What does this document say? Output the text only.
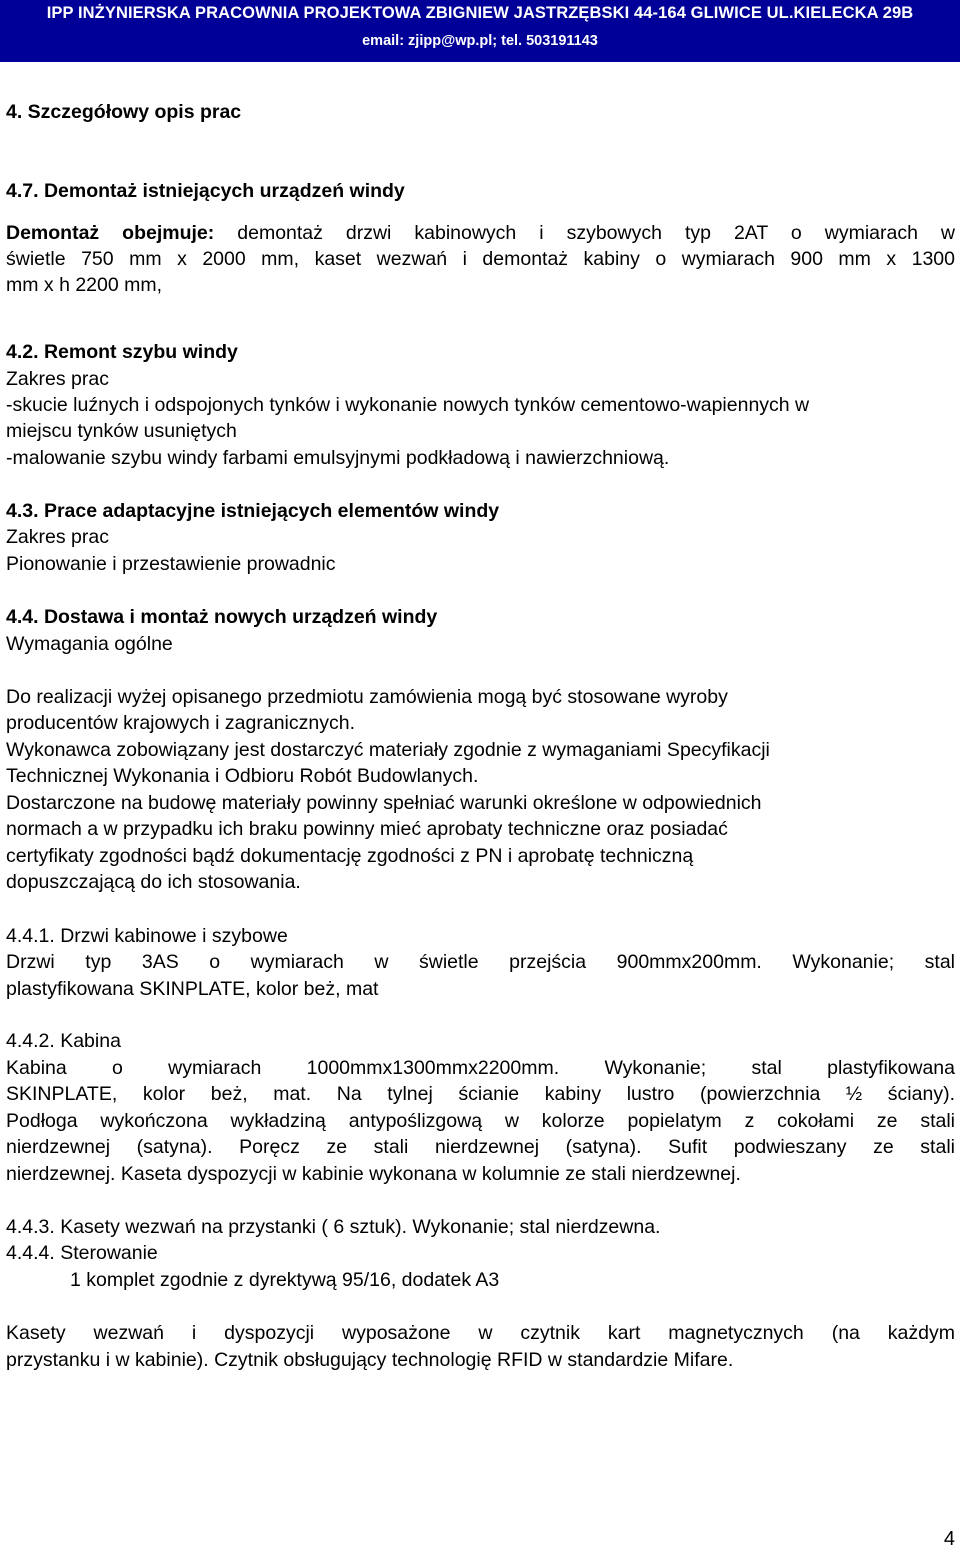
IPP INŻYNIERSKA PRACOWNIA PROJEKTOWA ZBIGNIEW JASTRZĘBSKI 44-164 GLIWICE UL.KIELECKA 29B
email: zjipp@wp.pl; tel. 503191143
4. Szczegółowy opis prac
4.7. Demontaż istniejących urządzeń windy
Demontaż obejmuje: demontaż drzwi kabinowych i szybowych typ 2AT o wymiarach w
świetle 750 mm x 2000 mm, kaset wezwań i demontaż kabiny o wymiarach 900 mm x 1300
mm x h 2200 mm,
4.2. Remont szybu windy
Zakres prac
-skucie luźnych i odspojonych tynków i wykonanie nowych tynków cementowo-wapiennych w
miejscu tynków usuniętych
-malowanie szybu windy farbami emulsyjnymi podkładową i nawierzchniową.
4.3. Prace adaptacyjne istniejących elementów windy
Zakres prac
Pionowanie i przestawienie prowadnic
4.4. Dostawa i montaż nowych urządzeń windy
Wymagania ogólne
Do realizacji wyżej opisanego przedmiotu zamówienia mogą być stosowane wyroby
producentów krajowych i zagranicznych.
Wykonawca zobowiązany jest dostarczyć materiały zgodnie z wymaganiami Specyfikacji
Technicznej Wykonania i Odbioru Robót Budowlanych.
Dostarczone na budowę materiały powinny spełniać warunki określone w odpowiednich
normach a w przypadku ich braku powinny mieć aprobaty techniczne oraz posiadać
certyfikaty zgodności bądź dokumentację zgodności z PN i aprobatę techniczną
dopuszczającą do ich stosowania.
4.4.1. Drzwi kabinowe i szybowe
Drzwi typ 3AS o wymiarach w świetle przejścia 900mmx200mm. Wykonanie; stal
plastyfikowana SKINPLATE, kolor beż, mat
4.4.2. Kabina
Kabina o wymiarach 1000mmx1300mmx2200mm. Wykonanie; stal plastyfikowana
SKINPLATE, kolor beż, mat. Na tylnej ścianie kabiny lustro (powierzchnia ½ ściany).
Podłoga wykończona wykładziną antypoślizgową w kolorze popielatym z cokołami ze stali
nierdzewnej (satyna). Poręcz ze stali nierdzewnej (satyna). Sufit podwieszany ze stali
nierdzewnej. Kaseta dyspozycji w kabinie wykonana w kolumnie ze stali nierdzewnej.
4.4.3. Kasety wezwań na przystanki ( 6 sztuk). Wykonanie; stal nierdzewna.
4.4.4. Sterowanie
1 komplet zgodnie z dyrektywą 95/16, dodatek A3
Kasety wezwań i dyspozycji wyposażone w czytnik kart magnetycznych (na każdym
przystanku i w kabinie). Czytnik obsługujący technologię RFID w standardzie Mifare.
4
